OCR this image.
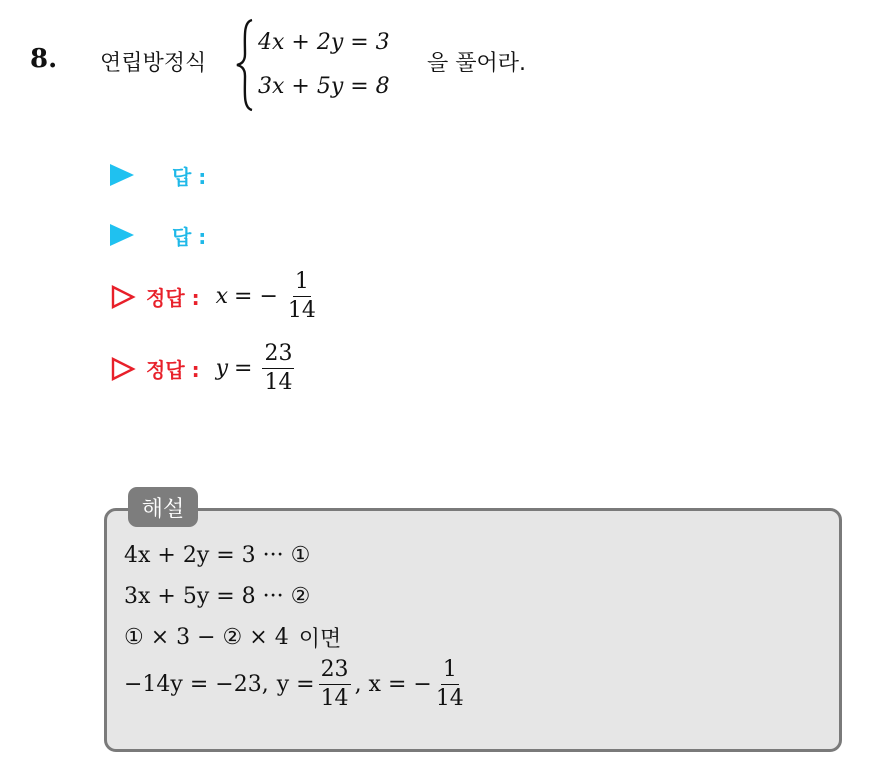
8. 연립방정식
4x + 2y = 3
3x + 5y = 8
을 풀어라.
답 :
답 :
정답 : x = − $\frac{1}{14}$
정답 : $y = \frac{23}{14}$
해설
4x + 2y = 3 ··· ①
3x + 5y = 8 ··· ②
① × 3 − ② × 4 이면
−14y = −23, $y = \frac{23}{14}$ , x = − $\frac{1}{14}$
